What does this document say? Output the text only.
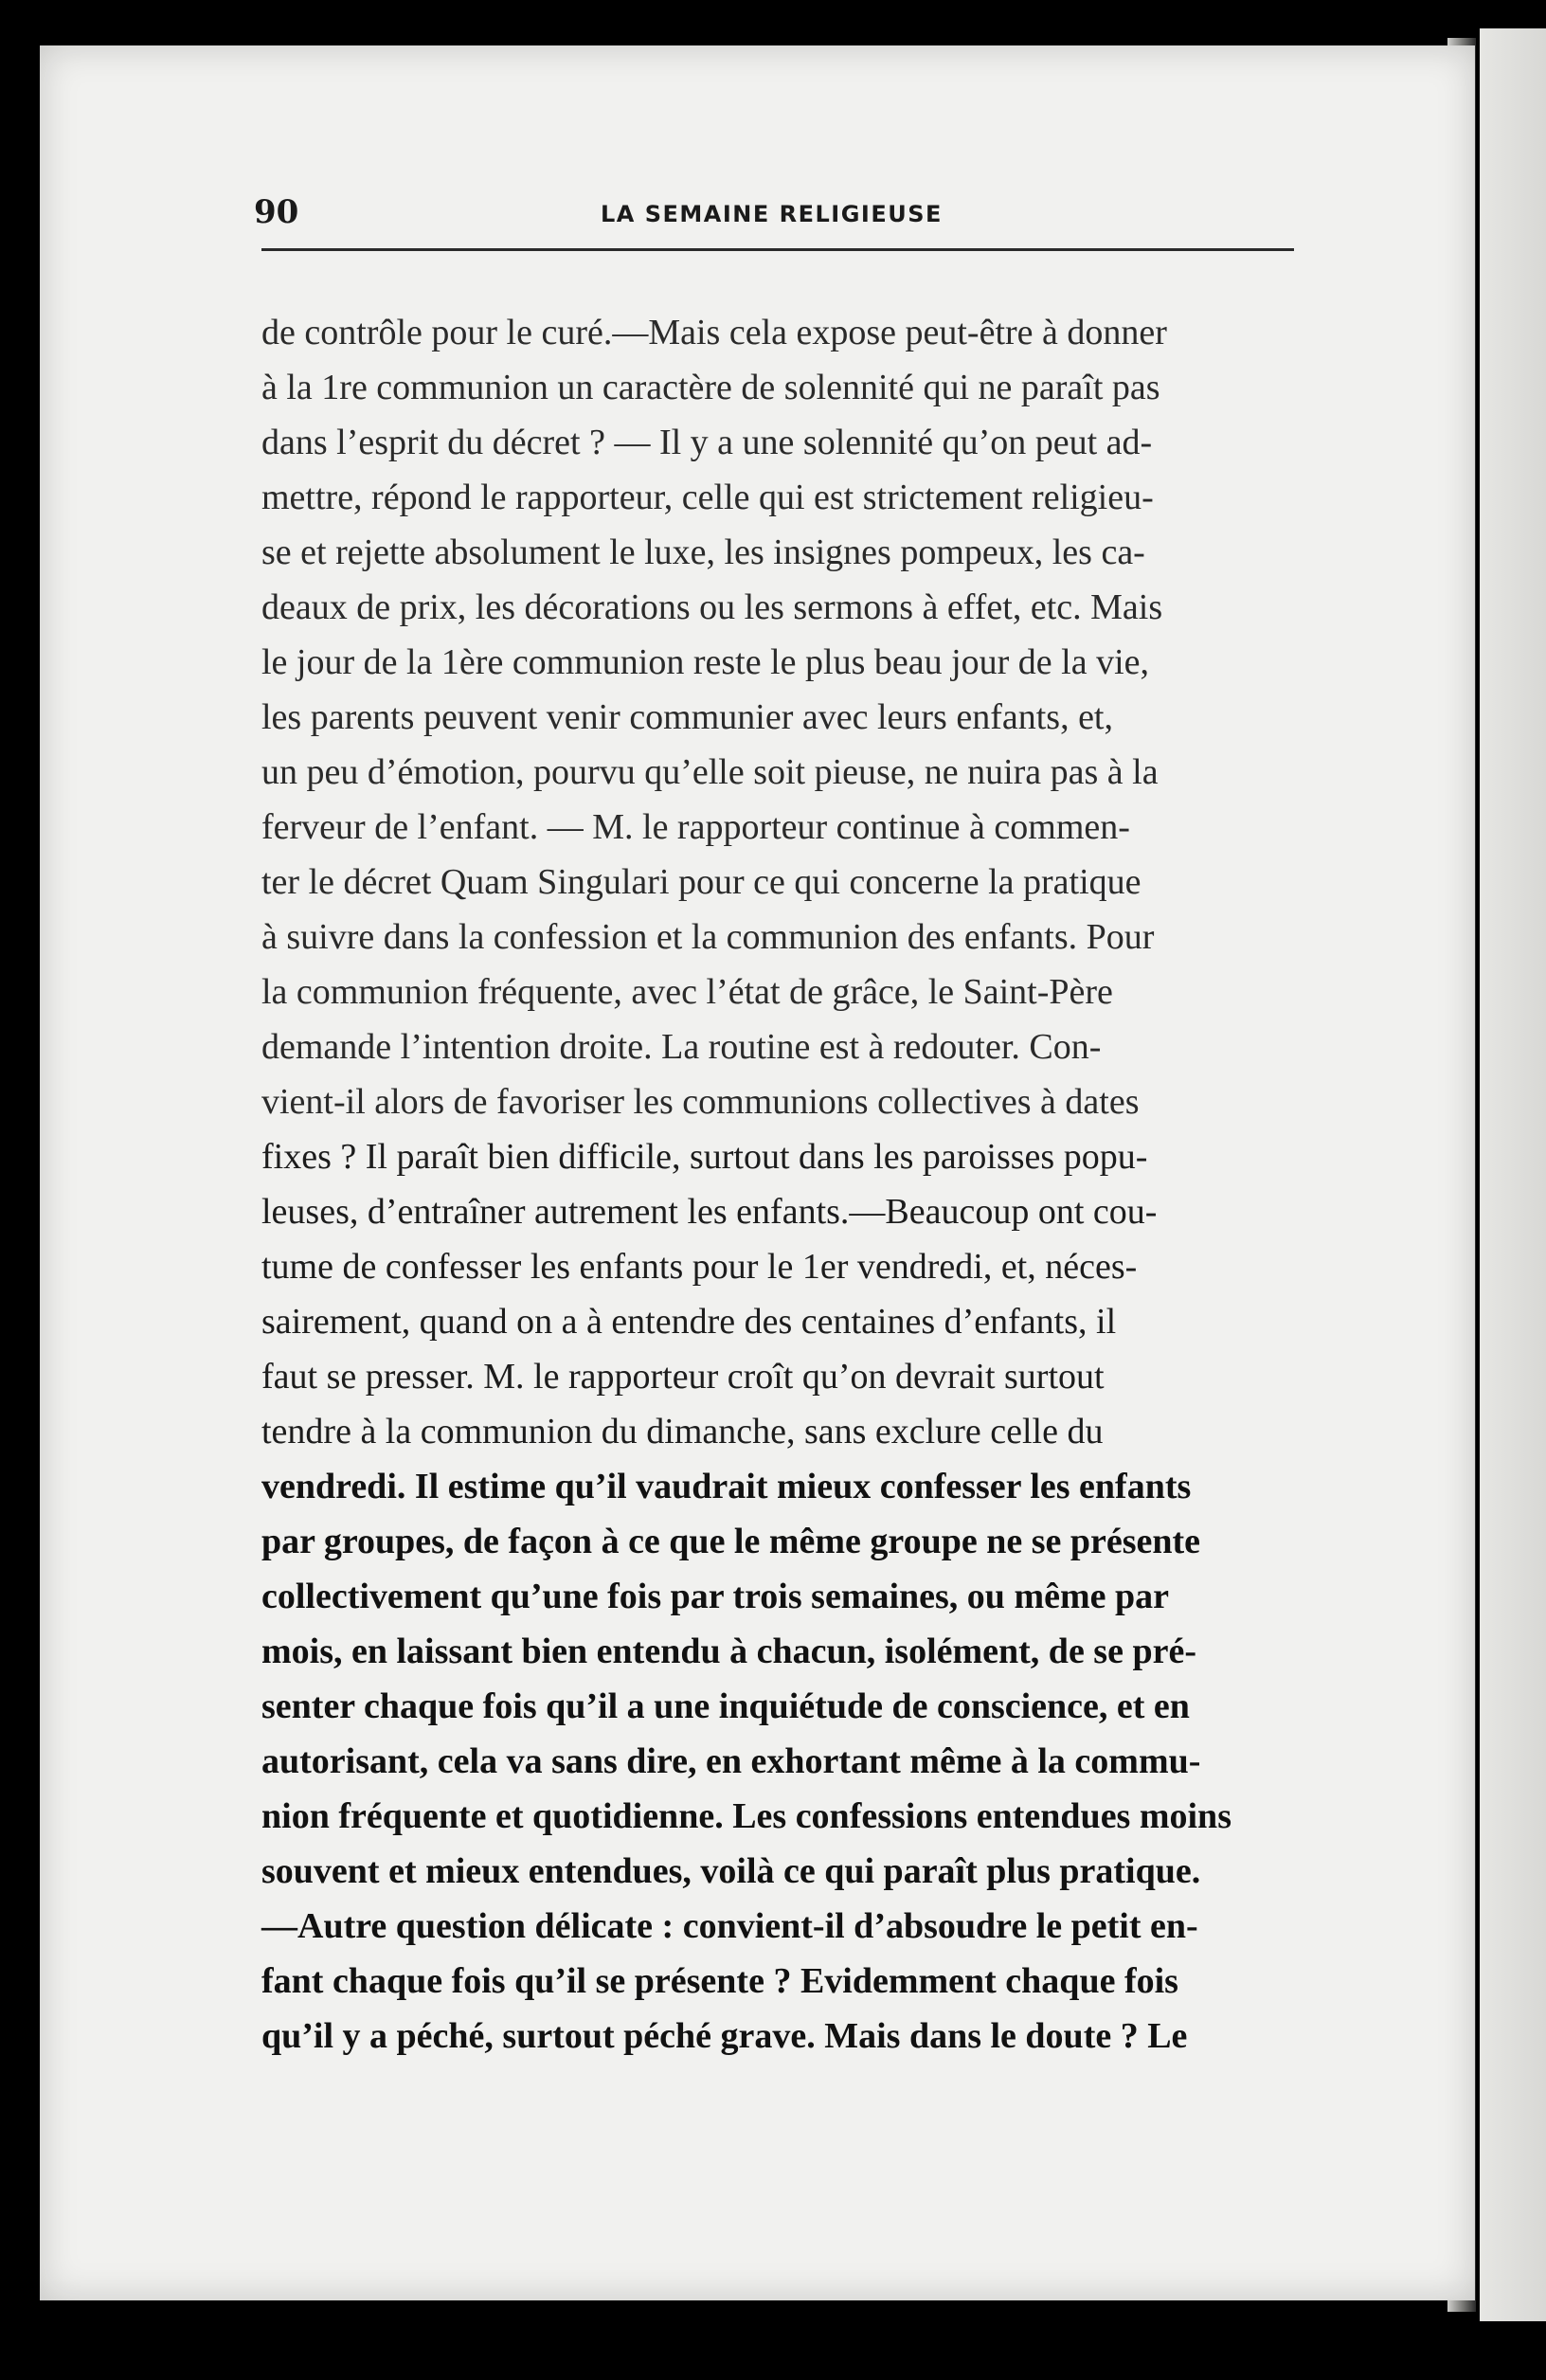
90	LA SEMAINE RELIGIEUSE
de contrôle pour le curé.—Mais cela expose peut-être à donner
à la 1re communion un caractère de solennité qui ne paraît pas
dans l’esprit du décret ? — Il y a une solennité qu’on peut ad-
mettre, répond le rapporteur, celle qui est strictement religieu-
se et rejette absolument le luxe, les insignes pompeux, les ca-
deaux de prix, les décorations ou les sermons à effet, etc. Mais
le jour de la 1ère communion reste le plus beau jour de la vie,
les parents peuvent venir communier avec leurs enfants, et,
un peu d’émotion, pourvu qu’elle soit pieuse, ne nuira pas à la
ferveur de l’enfant. — M. le rapporteur continue à commen-
ter le décret Quam Singulari pour ce qui concerne la pratique
à suivre dans la confession et la communion des enfants. Pour
la communion fréquente, avec l’état de grâce, le Saint-Père
demande l’intention droite. La routine est à redouter. Con-
vient-il alors de favoriser les communions collectives à dates
fixes ? Il paraît bien difficile, surtout dans les paroisses popu-
leuses, d’entraîner autrement les enfants.—Beaucoup ont cou-
tume de confesser les enfants pour le 1er vendredi, et, néces-
sairement, quand on a à entendre des centaines d’enfants, il
faut se presser. M. le rapporteur croît qu’on devrait surtout
tendre à la communion du dimanche, sans exclure celle du
vendredi. Il estime qu’il vaudrait mieux confesser les enfants
par groupes, de façon à ce que le même groupe ne se présente
collectivement qu’une fois par trois semaines, ou même par
mois, en laissant bien entendu à chacun, isolément, de se pré-
senter chaque fois qu’il a une inquiétude de conscience, et en
autorisant, cela va sans dire, en exhortant même à la commu-
nion fréquente et quotidienne. Les confessions entendues moins
souvent et mieux entendues, voilà ce qui paraît plus pratique.
—Autre question délicate : convient-il d’absoudre le petit en-
fant chaque fois qu’il se présente ? Evidemment chaque fois
qu’il y a péché, surtout péché grave. Mais dans le doute ? Le
